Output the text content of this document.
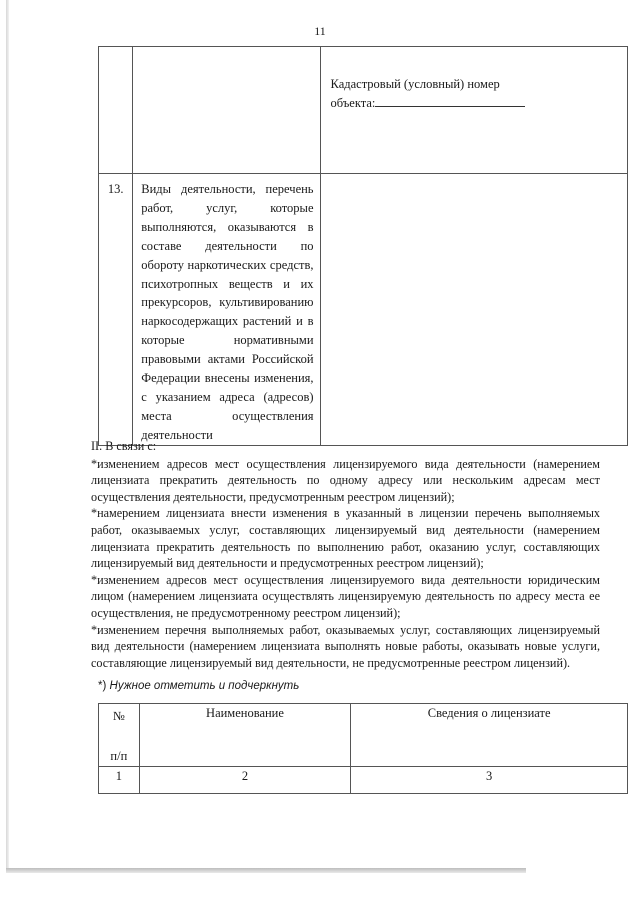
11
		Кадастровый (условный) номер
объекта:
13.	Виды деятельности, перечень работ, услуг, которые выполняются, оказываются в составе деятельности по обороту наркотических средств, психотропных веществ и их прекурсоров, культивированию наркосодержащих растений и в которые нормативными правовыми актами Российской Федерации внесены изменения, с указанием адреса (адресов) места осуществления деятельности	

II. В связи с:

*изменением адресов мест осуществления лицензируемого вида деятельности (намерением лицензиата прекратить деятельность по одному адресу или нескольким адресам мест осуществления деятельности, предусмотренным реестром лицензий);

*намерением лицензиата внести изменения в указанный в лицензии перечень выполняемых работ, оказываемых услуг, составляющих лицензируемый вид деятельности (намерением лицензиата прекратить деятельность по выполнению работ, оказанию услуг, составляющих лицензируемый вид деятельности и предусмотренных реестром лицензий);

*изменением адресов мест осуществления лицензируемого вида деятельности юридическим лицом (намерением лицензиата осуществлять лицензируемую деятельность по адресу места ее осуществления, не предусмотренному реестром лицензий);

*изменением перечня выполняемых работ, оказываемых услуг, составляющих лицензируемый вид деятельности (намерением лицензиата выполнять новые работы, оказывать новые услуги, составляющие лицензируемый вид деятельности, не предусмотренные реестром лицензий).

*) Нужное отметить и подчеркнуть
№

п/п	Наименование	Сведения о лицензиате
1	2	3
